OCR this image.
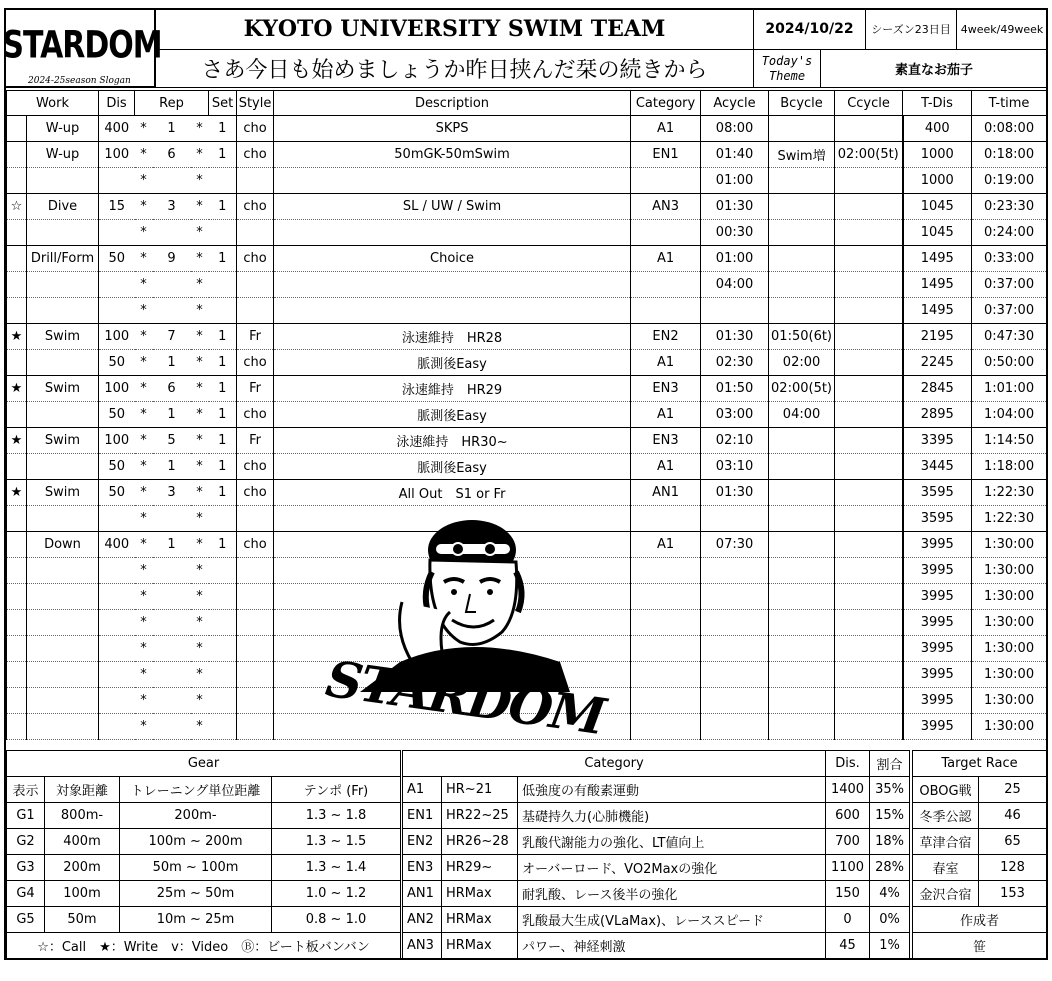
STARDOM
2024-25season Slogan
KYOTO UNIVERSITY SWIM TEAM	2024/10/22	シーズン23日目 4week/49week
さあ今日も始めましょうか昨日挟んだ栞の続きから	Today's Theme	素直なお茄子
Work		Dis	Rep			Set	Style	Description	Category	Acycle	Bcycle	Ccycle	T-Dis	T-time
	W-up	400	*	1	*	1	cho	SKPS	A1	08:00			400	0:08:00
	W-up	100	*	6	*	1	cho	50mGK-50mSwim	EN1	01:40	Swim増	02:00(5t)	1000	0:18:00
			*		*					01:00			1000	0:19:00
☆	Dive	15	*	3	*	1	cho	SL / UW / Swim	AN3	01:30			1045	0:23:30
			*		*					00:30			1045	0:24:00
	Drill/Form	50	*	9	*	1	cho	Choice	A1	01:00			1495	0:33:00
			*		*					04:00			1495	0:37:00
			*		*								1495	0:37:00
★	Swim	100	*	7	*	1	Fr	泳速維持　HR28	EN2	01:30	01:50(6t)		2195	0:47:30
		50	*	1	*	1	cho	脈測後Easy	A1	02:30	02:00		2245	0:50:00
★	Swim	100	*	6	*	1	Fr	泳速維持　HR29	EN3	01:50	02:00(5t)		2845	1:01:00
		50	*	1	*	1	cho	脈測後Easy	A1	03:00	04:00		2895	1:04:00
★	Swim	100	*	5	*	1	Fr	泳速維持　HR30~	EN3	02:10			3395	1:14:50
		50	*	1	*	1	cho	脈測後Easy	A1	03:10			3445	1:18:00
★	Swim	50	*	3	*	1	cho	All Out　S1 or Fr	AN1	01:30			3595	1:22:30
			*		*								3595	1:22:30
	Down	400	*	1	*	1	cho		A1	07:30			3995	1:30:00
			*		*								3995	1:30:00
			*		*								3995	1:30:00
			*		*								3995	1:30:00
			*		*								3995	1:30:00
			*		*								3995	1:30:00
			*		*								3995	1:30:00
			*		*								3995	1:30:00
STARDOM
Gear			
表示	対象距離	トレーニング単位距離	テンポ (Fr)
G1	800m-	200m-	1.3 ~ 1.8
G2	400m	100m ~ 200m	1.3 ~ 1.5
G3	200m	50m ~ 100m	1.3 ~ 1.4
G4	100m	25m ~ 50m	1.0 ~ 1.2
G5	50m	10m ~ 25m	0.8 ~ 1.0
☆：Call　★：Write　v：Video　Ⓑ：ビート板バンバン			
Category			Dis.	割合
A1	HR~21	低強度の有酸素運動	1400	35%
EN1	HR22~25	基礎持久力(心肺機能)	600	15%
EN2	HR26~28	乳酸代謝能力の強化、LT値向上	700	18%
EN3	HR29~	オーバーロード、VO2Maxの強化	1100	28%
AN1	HRMax	耐乳酸、レース後半の強化	150	4%
AN2	HRMax	乳酸最大生成(VLaMax)、レーススピード	0	0%
AN3	HRMax	パワー、神経刺激	45	1%
Target Race	
OBOG戦	25
冬季公認	46
草津合宿	65
春室	128
金沢合宿	153
作成者	
笹	
